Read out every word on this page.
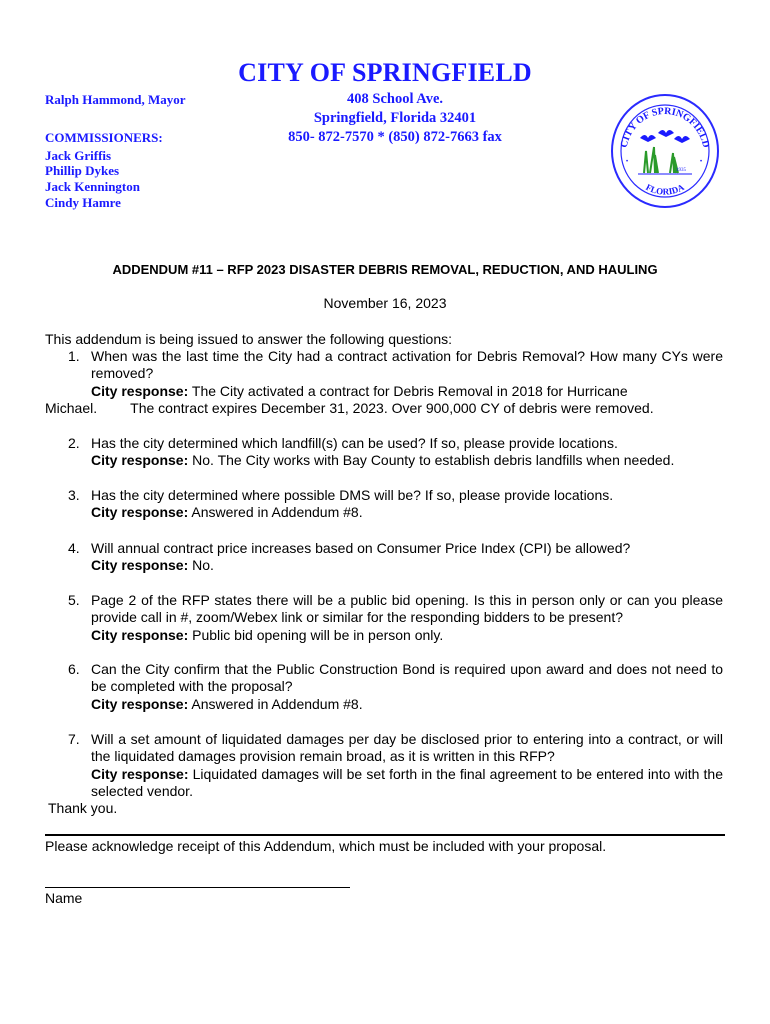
CITY OF SPRINGFIELD
Ralph Hammond, Mayor
COMMISSIONERS:
Jack Griffis
Phillip Dykes
Jack Kennington
Cindy Hamre
408 School Ave.
Springfield, Florida 32401
850- 872-7570 * (850) 872-7663 fax	CITY OF SPRINGFIELD
FLORIDA
1935
•	•
ADDENDUM #11 – RFP 2023 DISASTER DEBRIS REMOVAL, REDUCTION, AND HAULING
November 16, 2023
This addendum is being issued to answer the following questions:
1. When was the last time the City had a contract activation for Debris Removal? How many CYs were removed?
City response: The City activated a contract for Debris Removal in 2018 for Hurricane
Michael. The contract expires December 31, 2023. Over 900,000 CY of debris were removed.
2. Has the city determined which landfill(s) can be used? If so, please provide locations.
City response: No. The City works with Bay County to establish debris landfills when needed.
3. Has the city determined where possible DMS will be? If so, please provide locations.
City response: Answered in Addendum #8.
4. Will annual contract price increases based on Consumer Price Index (CPI) be allowed?
City response: No.
5. Page 2 of the RFP states there will be a public bid opening. Is this in person only or can you please provide call in #, zoom/Webex link or similar for the responding bidders to be present?
City response: Public bid opening will be in person only.
6. Can the City confirm that the Public Construction Bond is required upon award and does not need to be completed with the proposal?
City response: Answered in Addendum #8.
7. Will a set amount of liquidated damages per day be disclosed prior to entering into a contract, or will the liquidated damages provision remain broad, as it is written in this RFP?
City response: Liquidated damages will be set forth in the final agreement to be entered into with the selected vendor.
Thank you.
Please acknowledge receipt of this Addendum, which must be included with your proposal.
Name
